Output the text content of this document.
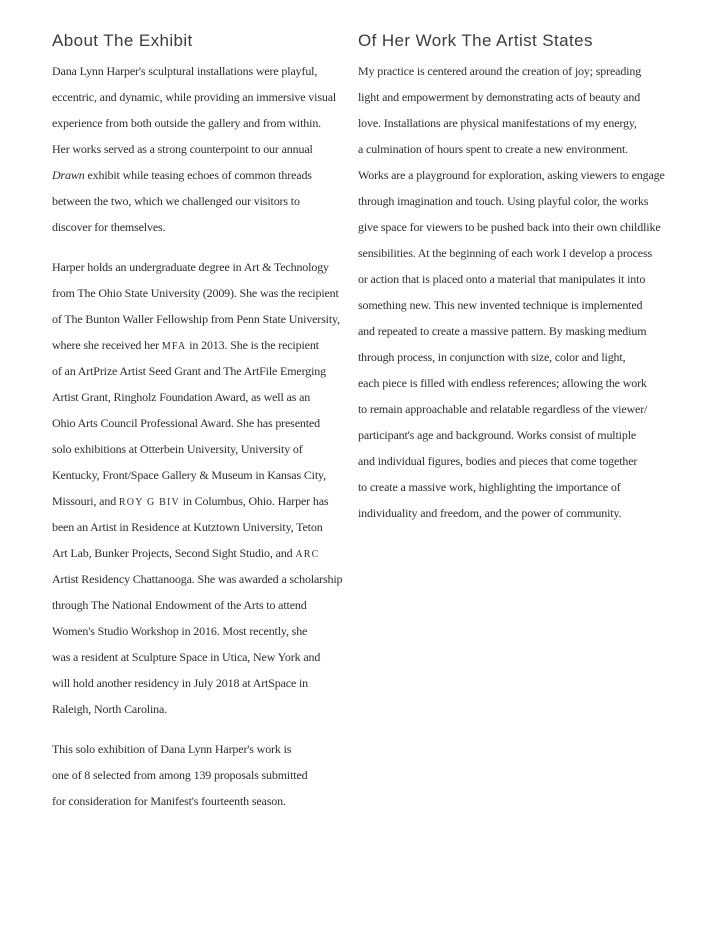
About The Exhibit
Dana Lynn Harper's sculptural installations were playful,
eccentric, and dynamic, while providing an immersive visual
experience from both outside the gallery and from within.
Her works served as a strong counterpoint to our annual
Drawn exhibit while teasing echoes of common threads
between the two, which we challenged our visitors to
discover for themselves.
Harper holds an undergraduate degree in Art & Technology
from The Ohio State University (2009). She was the recipient
of The Bunton Waller Fellowship from Penn State University,
where she received her MFA in 2013. She is the recipient
of an ArtPrize Artist Seed Grant and The ArtFile Emerging
Artist Grant, Ringholz Foundation Award, as well as an
Ohio Arts Council Professional Award. She has presented
solo exhibitions at Otterbein University, University of
Kentucky, Front/Space Gallery & Museum in Kansas City,
Missouri, and ROY G BIV in Columbus, Ohio. Harper has
been an Artist in Residence at Kutztown University, Teton
Art Lab, Bunker Projects, Second Sight Studio, and ARC
Artist Residency Chattanooga. She was awarded a scholarship
through The National Endowment of the Arts to attend
Women's Studio Workshop in 2016. Most recently, she
was a resident at Sculpture Space in Utica, New York and
will hold another residency in July 2018 at ArtSpace in
Raleigh, North Carolina.
This solo exhibition of Dana Lynn Harper's work is
one of 8 selected from among 139 proposals submitted
for consideration for Manifest's fourteenth season.
Of Her Work The Artist States
My practice is centered around the creation of joy; spreading
light and empowerment by demonstrating acts of beauty and
love. Installations are physical manifestations of my energy,
a culmination of hours spent to create a new environment.
Works are a playground for exploration, asking viewers to engage
through imagination and touch. Using playful color, the works
give space for viewers to be pushed back into their own childlike
sensibilities. At the beginning of each work I develop a process
or action that is placed onto a material that manipulates it into
something new. This new invented technique is implemented
and repeated to create a massive pattern. By masking medium
through process, in conjunction with size, color and light,
each piece is filled with endless references; allowing the work
to remain approachable and relatable regardless of the viewer/
participant's age and background. Works consist of multiple
and individual figures, bodies and pieces that come together
to create a massive work, highlighting the importance of
individuality and freedom, and the power of community.
